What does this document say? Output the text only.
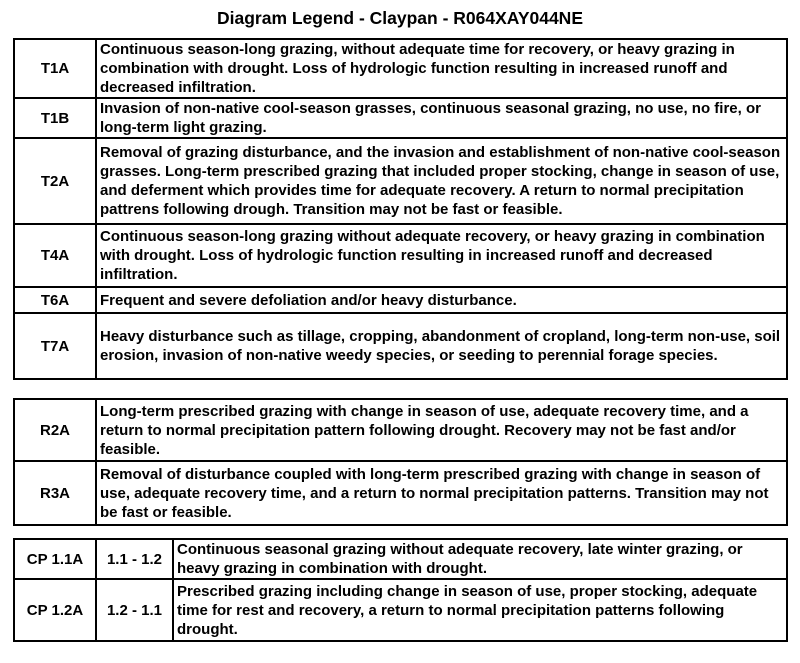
Diagram Legend - Claypan - R064XAY044NE
T1A	Continuous season-long grazing, without adequate time for recovery, or heavy grazing in combination with drought. Loss of hydrologic function resulting in increased runoff and decreased infiltration.
T1B	Invasion of non-native cool-season grasses, continuous seasonal grazing, no use, no fire, or long-term light grazing.
T2A	Removal of grazing disturbance, and the invasion and establishment of non-native cool-season grasses. Long-term prescribed grazing that included proper stocking, change in season of use, and deferment which provides time for adequate recovery. A return to normal precipitation pattrens following drough. Transition may not be fast or feasible.
T4A	Continuous season-long grazing without adequate recovery, or heavy grazing in combination with drought. Loss of hydrologic function resulting in increased runoff and decreased infiltration.
T6A	Frequent and severe defoliation and/or heavy disturbance.
T7A	Heavy disturbance such as tillage, cropping, abandonment of cropland, long-term non-use, soil erosion, invasion of non-native weedy species, or seeding to perennial forage species.
R2A	Long-term prescribed grazing with change in season of use, adequate recovery time, and a return to normal precipitation pattern following drought. Recovery may not be fast and/or feasible.
R3A	Removal of disturbance coupled with long-term prescribed grazing with change in season of use, adequate recovery time, and a return to normal precipitation patterns. Transition may not be fast or feasible.
CP 1.1A	1.1 - 1.2	Continuous seasonal grazing without adequate recovery, late winter grazing, or heavy grazing in combination with drought.
CP 1.2A	1.2 - 1.1	Prescribed grazing including change in season of use, proper stocking, adequate time for rest and recovery, a return to normal precipitation patterns following drought.
